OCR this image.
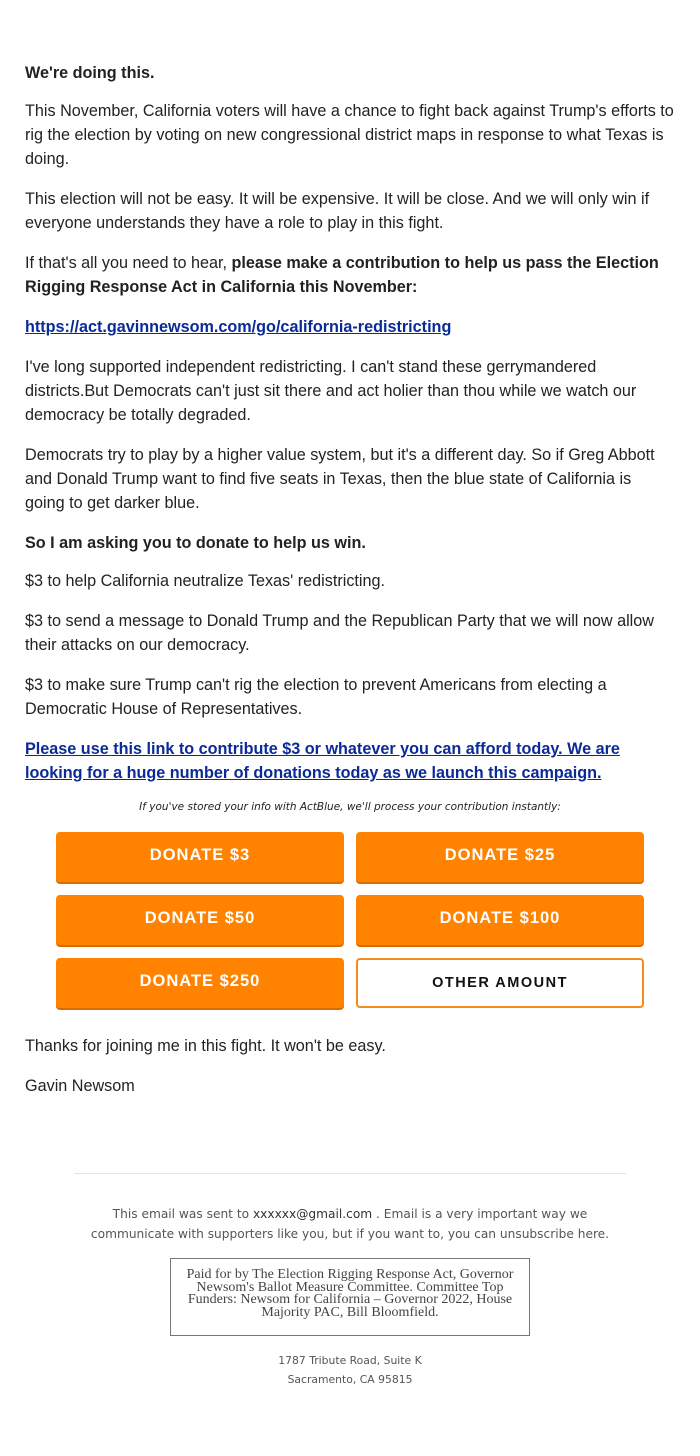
We're doing this.

This November, California voters will have a chance to fight back against Trump's efforts to rig the election by voting on new congressional district maps in response to what Texas is doing.

This election will not be easy. It will be expensive. It will be close. And we will only win if everyone understands they have a role to play in this fight.

If that's all you need to hear, please make a contribution to help us pass the Election Rigging Response Act in California this November:

https://act.gavinnewsom.com/go/california-redistricting

I've long supported independent redistricting. I can't stand these gerrymandered districts.But Democrats can't just sit there and act holier than thou while we watch our democracy be totally degraded.

Democrats try to play by a higher value system, but it's a different day. So if Greg Abbott and Donald Trump want to find five seats in Texas, then the blue state of California is going to get darker blue.

So I am asking you to donate to help us win.

$3 to help California neutralize Texas' redistricting.

$3 to send a message to Donald Trump and the Republican Party that we will now allow their attacks on our democracy.

$3 to make sure Trump can't rig the election to prevent Americans from electing a Democratic House of Representatives.

Please use this link to contribute $3 or whatever you can afford today. We are looking for a huge number of donations today as we launch this campaign.

If you've stored your info with ActBlue, we'll process your contribution instantly:
DONATE $3	DONATE $25
DONATE $50	DONATE $100
DONATE $250	OTHER AMOUNT

Thanks for joining me in this fight. It won't be easy.

Gavin Newsom

This email was sent to xxxxxx@gmail.com . Email is a very important way we communicate with supporters like you, but if you want to, you can unsubscribe here.
Paid for by The Election Rigging Response Act, Governor Newsom's Ballot Measure Committee. Committee Top Funders: Newsom for California – Governor 2022, House Majority PAC, Bill Bloomfield.
1787 Tribute Road, Suite K
Sacramento, CA 95815
